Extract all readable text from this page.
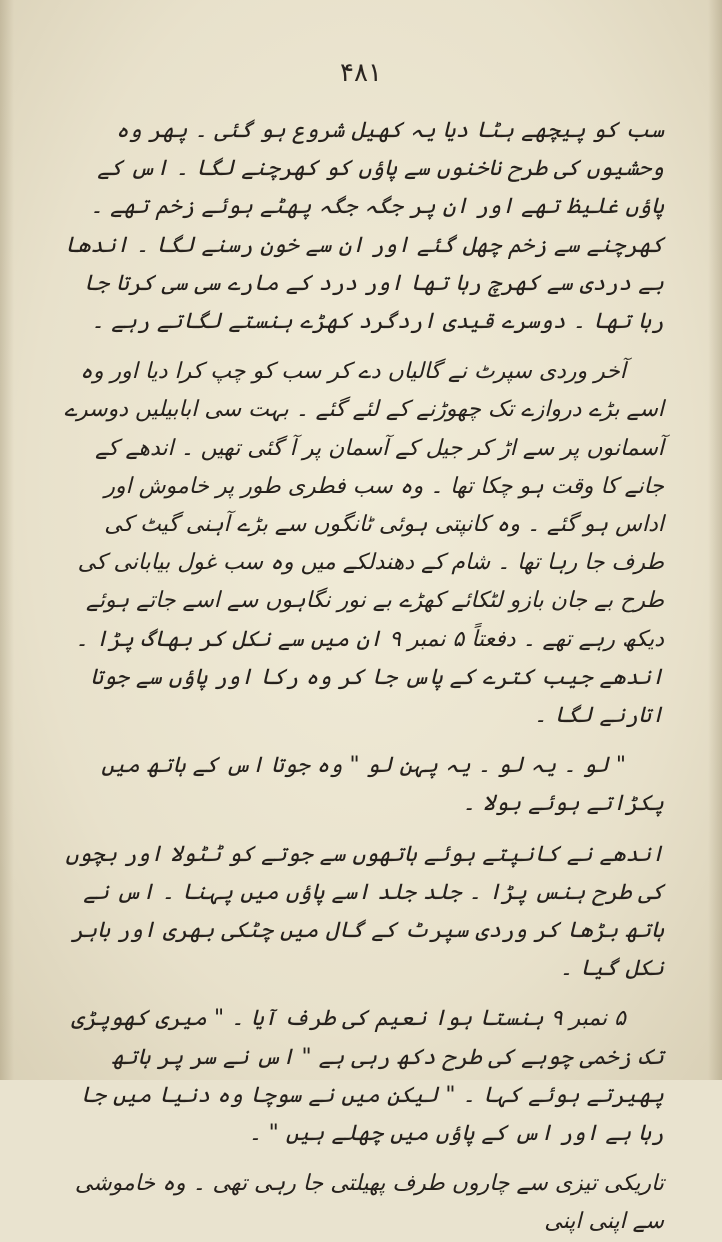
۴۸۱

سب کو پیچھے ہٹا دیا یہ کھیل شروع ہو گئی ۔ پھر وہ وحشیوں کی طرح ناخنوں سے پاؤں کو کھرچنے لگا ۔ اس کے پاؤں غلیظ تھے اور ان پر جگہ جگہ پھٹے ہوئے زخم تھے ۔ کھرچنے سے زخم چھل گئے اور ان سے خون رسنے لگا ۔ اندھا بے دردی سے کھرچ رہا تھا اور درد کے مارے سی سی کرتا جا رہا تھا ۔ دوسرے قیدی اردگرد کھڑے ہنستے لگاتے رہے ۔

آخر وردی سپرٹ نے گالیاں دے کر سب کو چپ کرا دیا اور وہ اسے بڑے دروازے تک چھوڑنے کے لئے گئے ۔ بہت سی ابابیلیں دوسرے آسمانوں پر سے اڑ کر جیل کے آسمان پر آ گئی تھیں ۔ اندھے کے جانے کا وقت ہو چکا تھا ۔ وہ سب فطری طور پر خاموش اور اداس ہو گئے ۔ وہ کانپتی ہوئی ٹانگوں سے بڑے آہنی گیٹ کی طرف جا رہا تھا ۔ شام کے دھندلکے میں وہ سب غول بیابانی کی طرح بے جان بازو لٹکائے کھڑے بے نور نگاہوں سے اسے جاتے ہوئے دیکھ رہے تھے ۔ دفعتاً ۵ نمبر ۹ ان میں سے نکل کر بھاگ پڑا ۔ اندھے جیب کترے کے پاس جا کر وہ رکا اور پاؤں سے جوتا اتارنے لگا ۔

" لو ۔ یہ لو ۔ یہ پہن لو " وہ جوتا اس کے ہاتھ میں پکڑاتے ہوئے بولا ۔

اندھے نے کانپتے ہوئے ہاتھوں سے جوتے کو ٹٹولا اور بچوں کی طرح ہنس پڑا ۔ جلد جلد اسے پاؤں میں پہنا ۔ اس نے ہاتھ بڑھا کر وردی سپرٹ کے گال میں چٹکی بھری اور باہر نکل گیا ۔

۵ نمبر ۹ ہنستا ہوا نعیم کی طرف آیا ۔ " میری کھوپڑی تک زخمی چوہے کی طرح دکھ رہی ہے " اس نے سر پر ہاتھ پھیرتے ہوئے کہا ۔ " لیکن میں نے سوچا وہ دنیا میں جا رہا ہے اور اس کے پاؤں میں چھلے ہیں " ۔

تاریکی تیزی سے چاروں طرف پھیلتی جا رہی تھی ۔ وہ خاموشی سے اپنی اپنی
